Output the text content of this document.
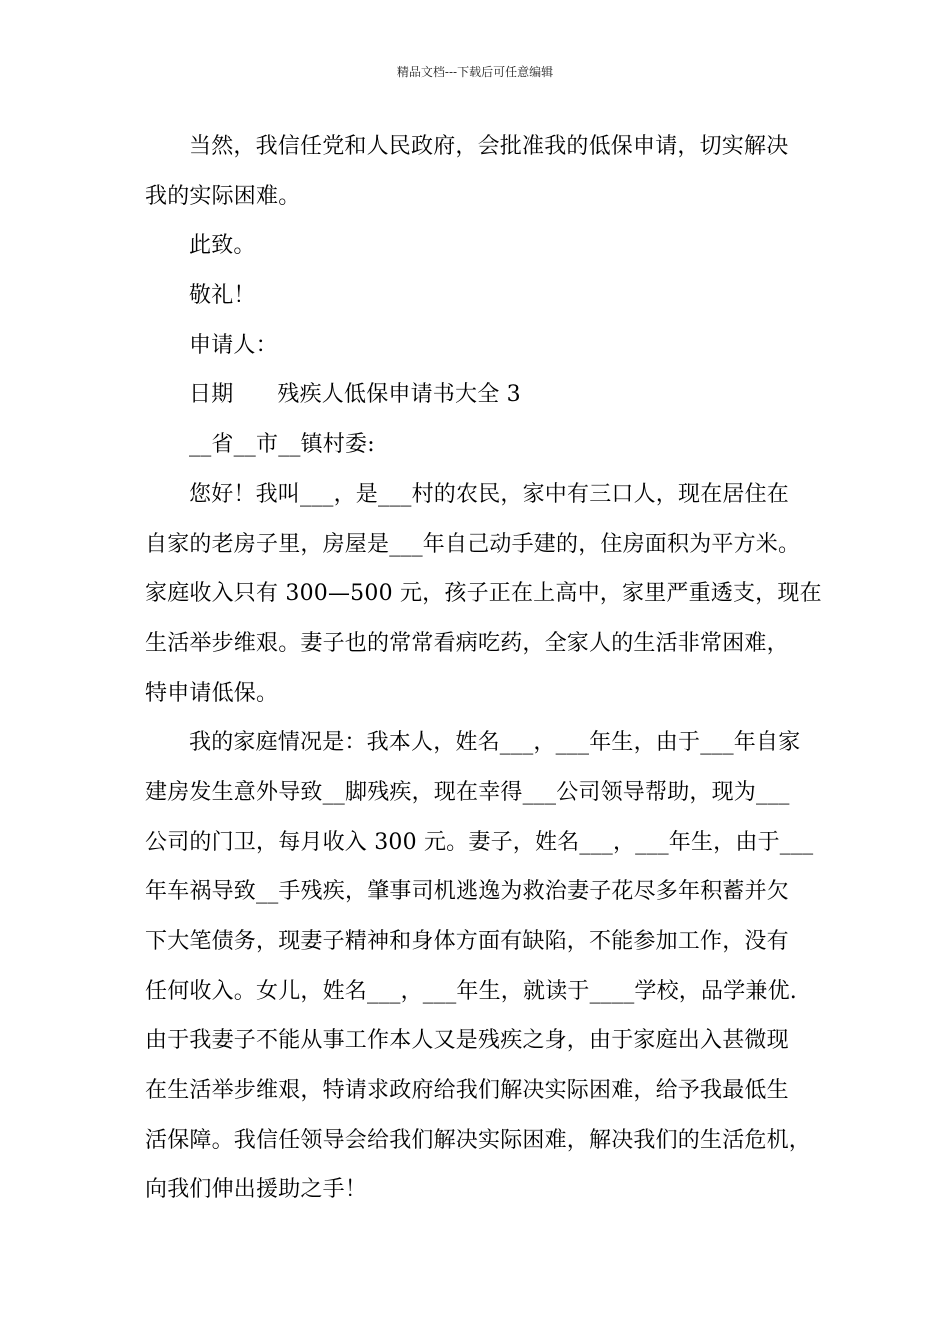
精品文档---下载后可任意编辑
当然，我信任党和人民政府，会批准我的低保申请，切实解决
我的实际困难。
此致。
敬礼！
申请人：
日期 残疾人低保申请书大全 3
__省__市__镇村委:
您好！我叫___，是___村的农民，家中有三口人，现在居住在
自家的老房子里，房屋是___年自己动手建的，住房面积为平方米。
家庭收入只有 300—500 元，孩子正在上高中，家里严重透支，现在
生活举步维艰。妻子也的常常看病吃药，全家人的生活非常困难，
特申请低保。
我的家庭情况是：我本人，姓名___，___年生，由于___年自家
建房发生意外导致__脚残疾，现在幸得___公司领导帮助，现为___
公司的门卫，每月收入 300 元。妻子，姓名___，___年生，由于___
年车祸导致__手残疾，肇事司机逃逸为救治妻子花尽多年积蓄并欠
下大笔债务，现妻子精神和身体方面有缺陷，不能参加工作，没有
任何收入。女儿，姓名___，___年生，就读于____学校，品学兼优.
由于我妻子不能从事工作本人又是残疾之身，由于家庭出入甚微现
在生活举步维艰，特请求政府给我们解决实际困难，给予我最低生
活保障。我信任领导会给我们解决实际困难，解决我们的生活危机，
向我们伸出援助之手！
